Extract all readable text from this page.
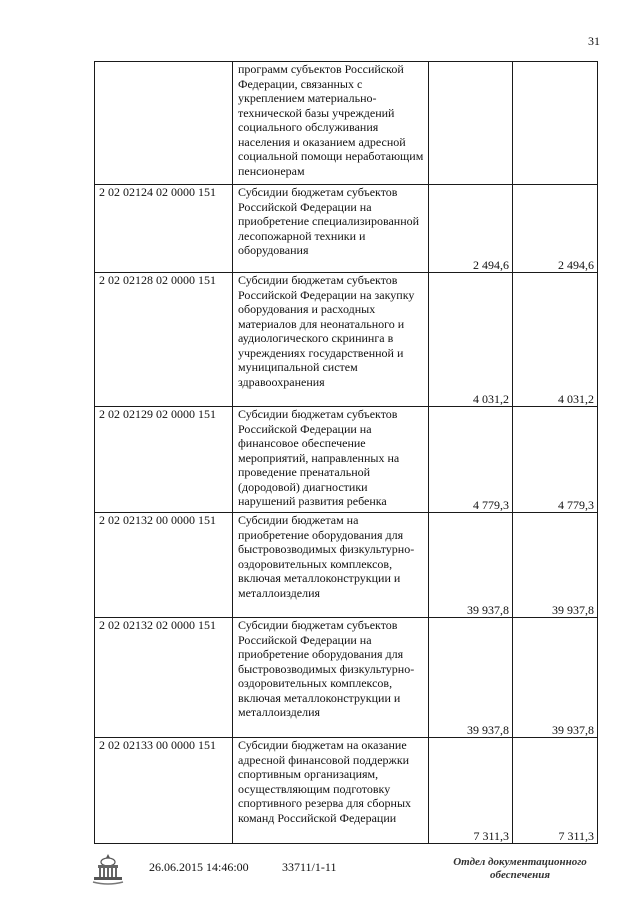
31
	программ субъектов Российской Федерации, связанных с укреплением материально-технической базы учреждений социального обслуживания населения и оказанием адресной социальной помощи неработающим пенсионерам		
2 02 02124 02 0000 151	Субсидии бюджетам субъектов Российской Федерации на приобретение специализированной лесопожарной техники и оборудования	2 494,6	2 494,6
2 02 02128 02 0000 151	Субсидии бюджетам субъектов Российской Федерации на закупку оборудования и расходных материалов для неонатального и аудиологического скрининга в учреждениях государственной и муниципальной систем здравоохранения	4 031,2	4 031,2
2 02 02129 02 0000 151	Субсидии бюджетам субъектов Российской Федерации на финансовое обеспечение мероприятий, направленных на проведение пренатальной (дородовой) диагностики нарушений развития ребенка	4 779,3	4 779,3
2 02 02132 00 0000 151	Субсидии бюджетам на приобретение оборудования для быстровозводимых физкультурно-оздоровительных комплексов, включая металлоконструкции и металлоизделия	39 937,8	39 937,8
2 02 02132 02 0000 151	Субсидии бюджетам субъектов Российской Федерации на приобретение оборудования для быстровозводимых физкультурно-оздоровительных комплексов, включая металлоконструкции и металлоизделия	39 937,8	39 937,8
2 02 02133 00 0000 151	Субсидии бюджетам на оказание адресной финансовой поддержки спортивным организациям, осуществляющим подготовку спортивного резерва для сборных команд Российской Федерации	7 311,3	7 311,3
26.06.2015 14:46:00	33711/1-11	Отдел документационного обеспечения
